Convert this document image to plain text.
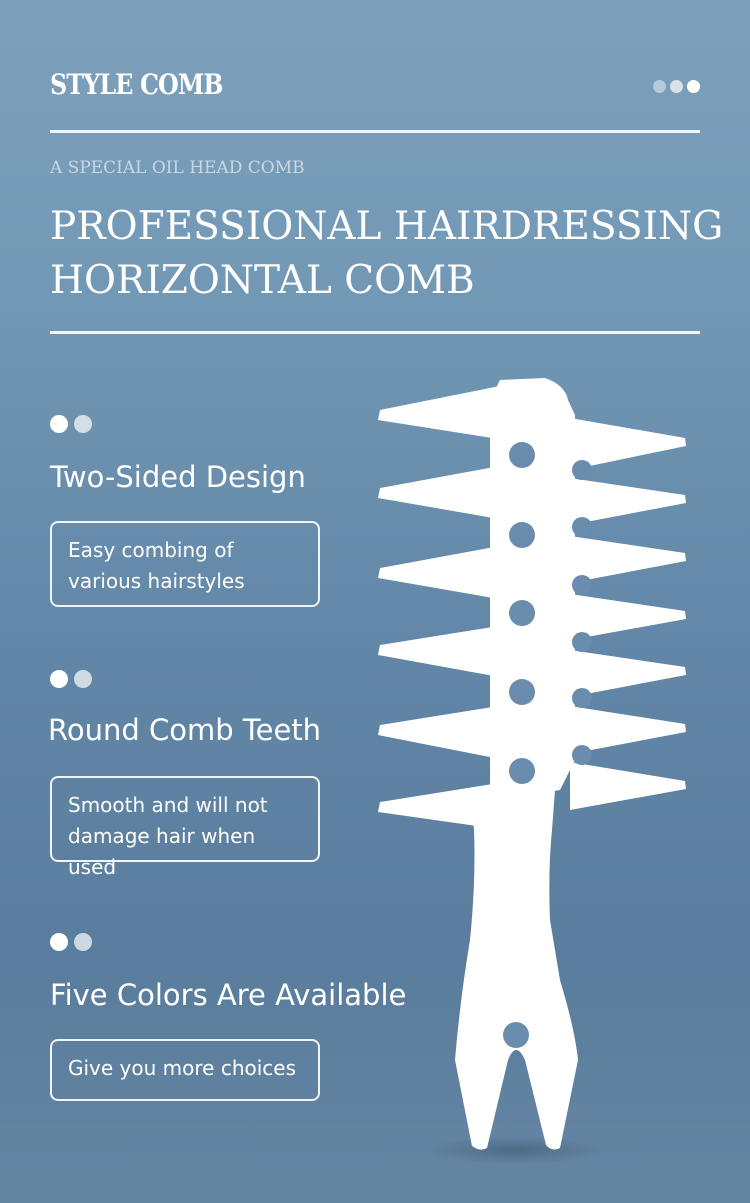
STYLE COMB
A SPECIAL OIL HEAD COMB
PROFESSIONAL HAIRDRESSING
HORIZONTAL COMB
Two-Sided Design
Easy combing of various hairstyles
Round Comb Teeth
Smooth and will not damage hair when used
Five Colors Are Available
Give you more choices
